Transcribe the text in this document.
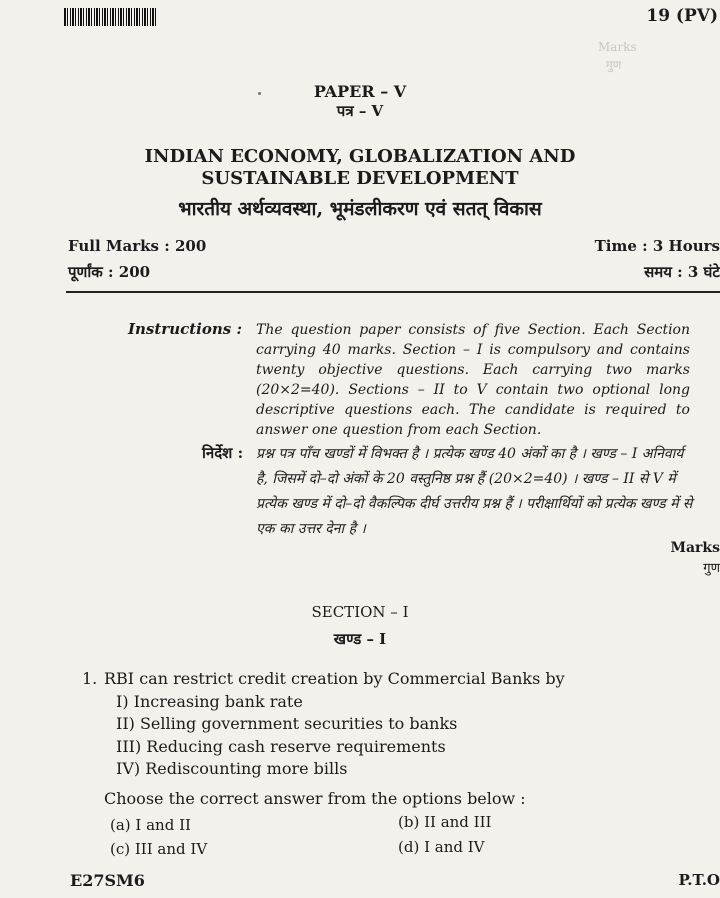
19 (PV)
Marks
गुण
PAPER – V
पत्र – V
INDIAN ECONOMY, GLOBALIZATION AND SUSTAINABLE DEVELOPMENT
भारतीय अर्थव्यवस्था, भूमंडलीकरण एवं सतत् विकास
Full Marks : 200
पूर्णांक : 200
Time : 3 Hours
समय : 3 घंटे
Instructions : The question paper consists of five Section. Each Section carrying 40 marks. Section – I is compulsory and contains twenty objective questions. Each carrying two marks (20×2=40). Sections – II to V contain two optional long descriptive questions each. The candidate is required to answer one question from each Section.
निर्देश : प्रश्न पत्र पाँच खण्डों में विभक्त है । प्रत्येक खण्ड 40 अंकों का है । खण्ड – I अनिवार्य है, जिसमें दो–दो अंकों के 20 वस्तुनिष्ठ प्रश्न हैं (20×2=40) । खण्ड – II से V में प्रत्येक खण्ड में दो–दो वैकल्पिक दीर्घ उत्तरीय प्रश्न हैं । परीक्षार्थियों को प्रत्येक खण्ड में से एक का उत्तर देना है ।
Marks
गुण
SECTION – I
खण्ड – I
1. RBI can restrict credit creation by Commercial Banks by
I) Increasing bank rate
II) Selling government securities to banks
III) Reducing cash reserve requirements
IV) Rediscounting more bills
Choose the correct answer from the options below :
(a) I and II	(b) II and III
(c) III and IV	(d) I and IV
E27SM6	P.T.O
